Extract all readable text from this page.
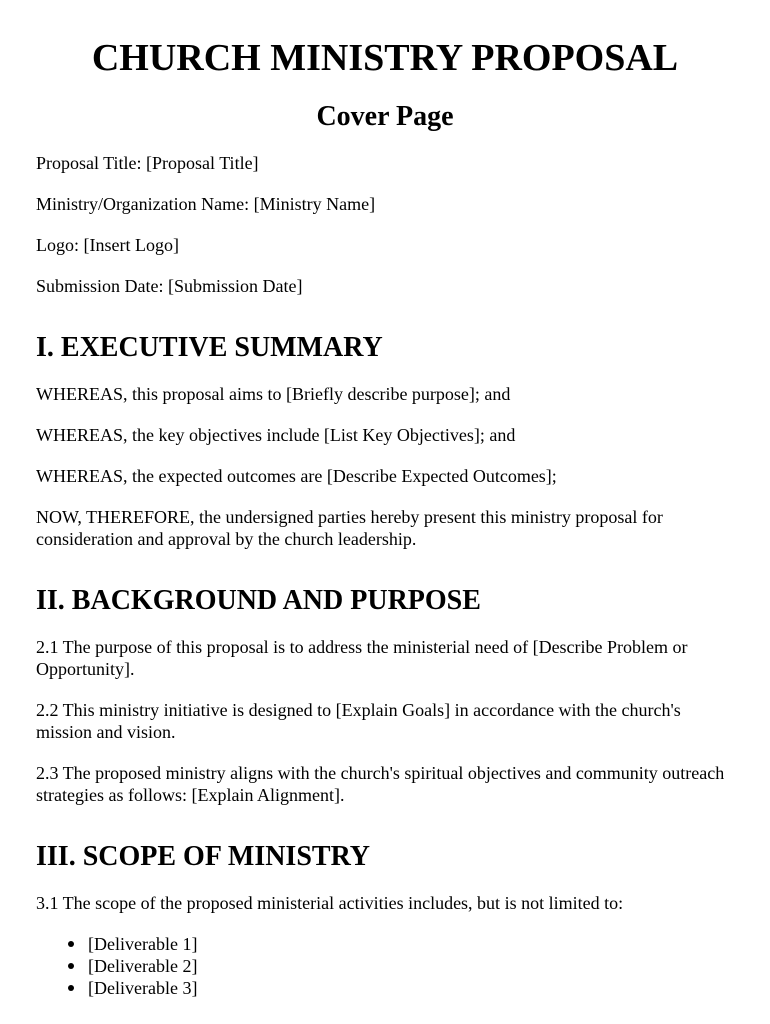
CHURCH MINISTRY PROPOSAL
Cover Page

Proposal Title: [Proposal Title]

Ministry/Organization Name: [Ministry Name]

Logo: [Insert Logo]

Submission Date: [Submission Date]

I. EXECUTIVE SUMMARY

WHEREAS, this proposal aims to [Briefly describe purpose]; and

WHEREAS, the key objectives include [List Key Objectives]; and

WHEREAS, the expected outcomes are [Describe Expected Outcomes];

NOW, THEREFORE, the undersigned parties hereby present this ministry proposal for consideration and approval by the church leadership.

II. BACKGROUND AND PURPOSE

2.1 The purpose of this proposal is to address the ministerial need of [Describe Problem or Opportunity].

2.2 This ministry initiative is designed to [Explain Goals] in accordance with the church's mission and vision.

2.3 The proposed ministry aligns with the church's spiritual objectives and community outreach strategies as follows: [Explain Alignment].

III. SCOPE OF MINISTRY

3.1 The scope of the proposed ministerial activities includes, but is not limited to:

[Deliverable 1]
[Deliverable 2]
[Deliverable 3]
